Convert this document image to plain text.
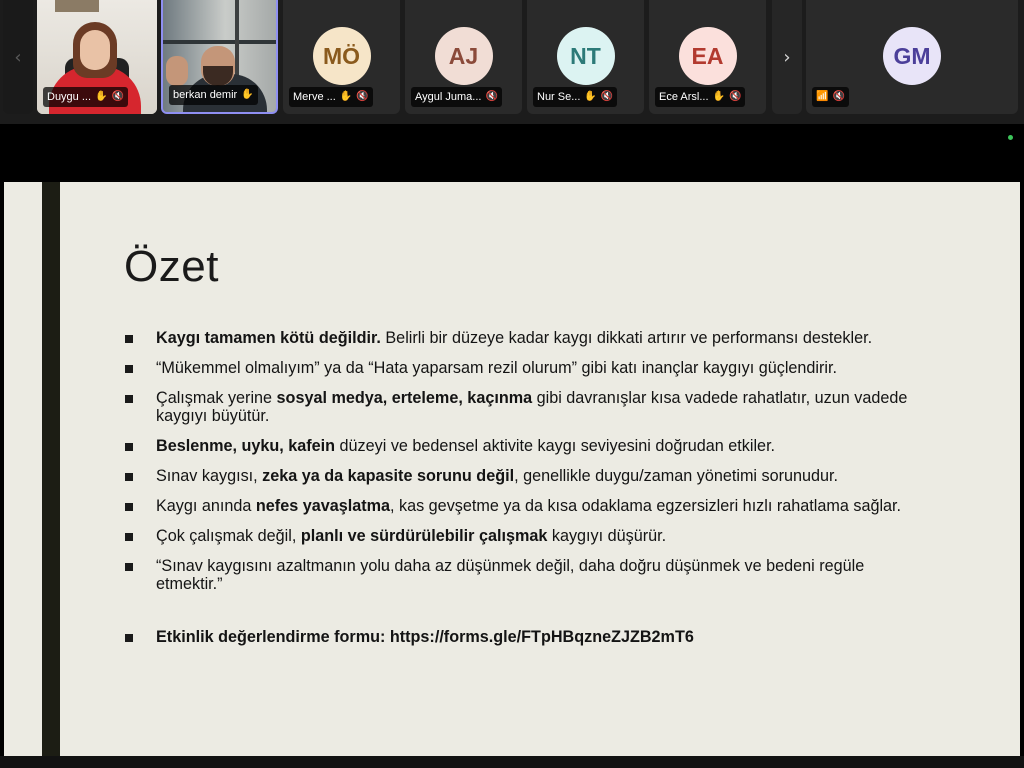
‹
Duygu ... ✋ 🔇	berkan demir ✋
MÖ
Merve ... ✋ 🔇
AJ
Aygul Juma... 🔇
NT
Nur Se... ✋ 🔇
EA
Ece Arsl... ✋ 🔇
›	GM
📶 🔇
Özet
Kaygı tamamen kötü değildir. Belirli bir düzeye kadar kaygı dikkati artırır ve performansı destekler.
“Mükemmel olmalıyım” ya da “Hata yaparsam rezil olurum” gibi katı inançlar kaygıyı güçlendirir.
Çalışmak yerine sosyal medya, erteleme, kaçınma gibi davranışlar kısa vadede rahatlatır, uzun vadede kaygıyı büyütür.
Beslenme, uyku, kafein düzeyi ve bedensel aktivite kaygı seviyesini doğrudan etkiler.
Sınav kaygısı, zeka ya da kapasite sorunu değil, genellikle duygu/zaman yönetimi sorunudur.
Kaygı anında nefes yavaşlatma, kas gevşetme ya da kısa odaklama egzersizleri hızlı rahatlama sağlar.
Çok çalışmak değil, planlı ve sürdürülebilir çalışmak kaygıyı düşürür.
“Sınav kaygısını azaltmanın yolu daha az düşünmek değil, daha doğru düşünmek ve bedeni regüle etmektir.”
Etkinlik değerlendirme formu: https://forms.gle/FTpHBqzneZJZB2mT6
